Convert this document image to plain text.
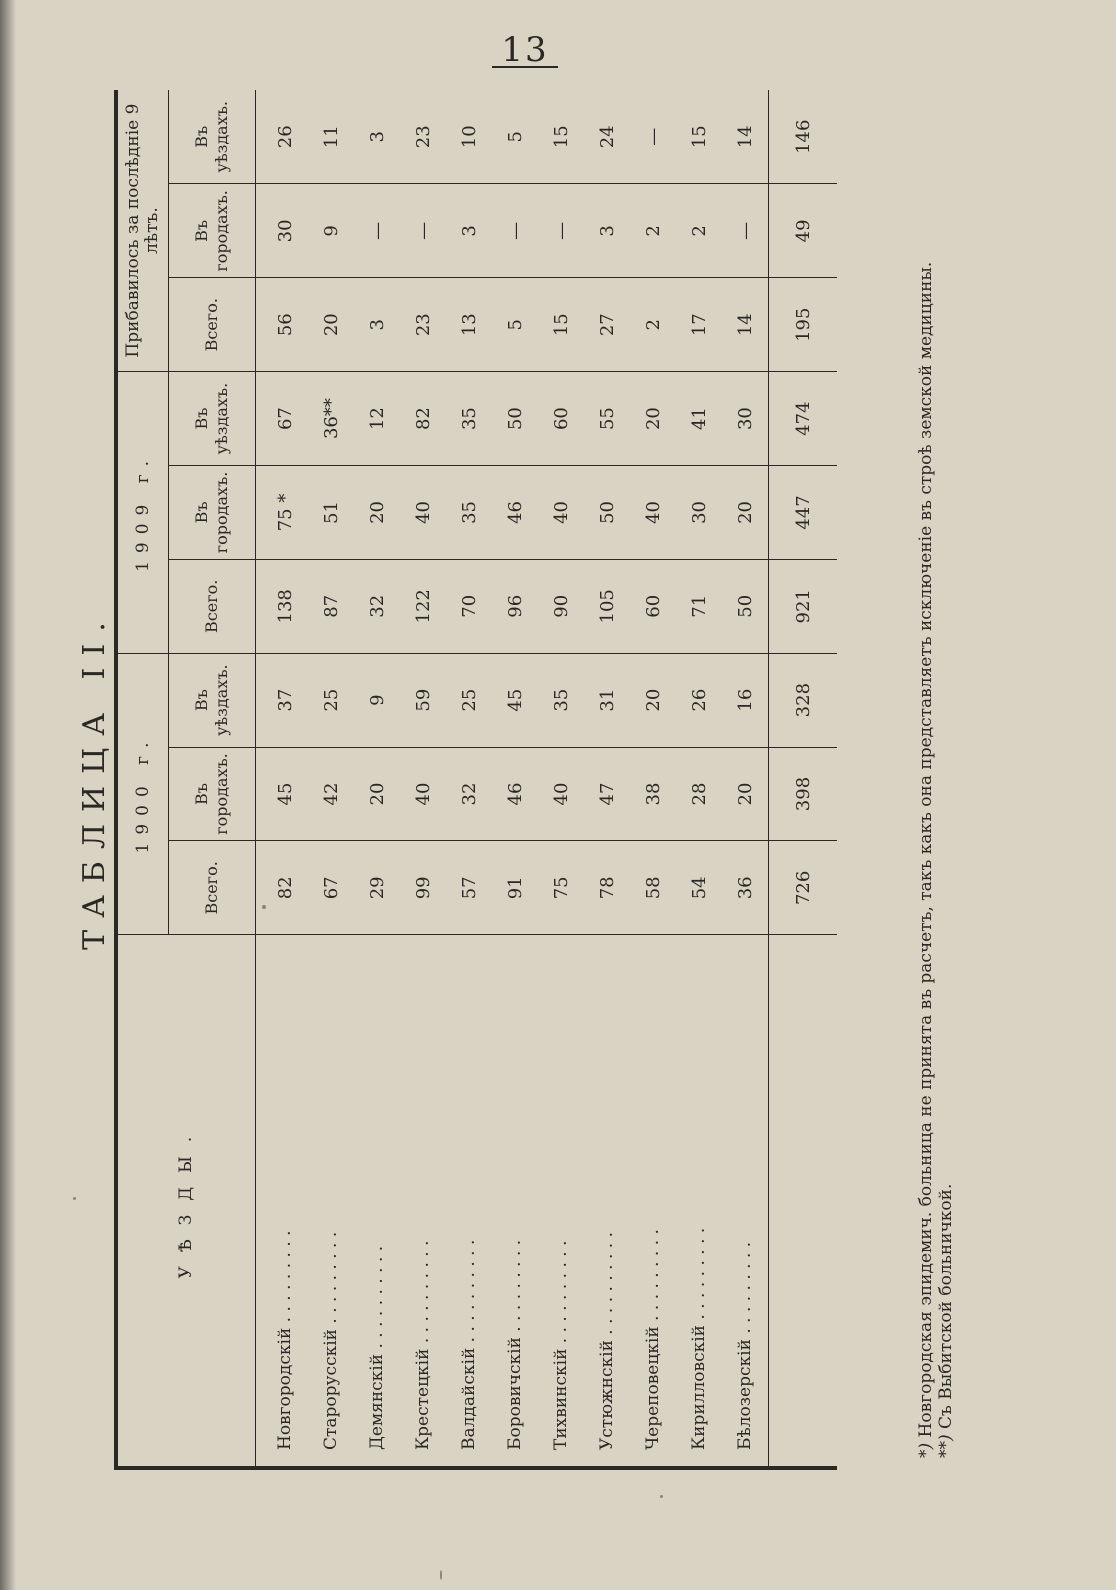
13
ТАБЛИЦА II.
УѢЗДЫ.	1900 г.			1909 г.			Прибавилось за послѣдніе 9 лѣтъ.		
	Всего.	Въ городахъ.	Въ уѣздахъ.	Всего.	Въ городахъ.	Въ уѣздахъ.	Всего.	Въ городахъ.	Въ уѣздахъ.
Новгородскій . . . . . . . . .	82	45	37	138	75 *	67	56	30	26
Старорусскій . . . . . . . . .	67	42	25	87	51	36**	20	9	11
Демянскій . . . . . . . . . .	29	20	9	32	20	12	3	—	3
Крестецкій . . . . . . . . . .	99	40	59	122	40	82	23	—	23
Валдайскій . . . . . . . . . .	57	32	25	70	35	35	13	3	10
Боровичскій . . . . . . . . .	91	46	45	96	46	50	5	—	5
Тихвинскій . . . . . . . . . .	75	40	35	90	40	60	15	—	15
Устюжнскій . . . . . . . . . .	78	47	31	105	50	55	27	3	24
Череповецкій . . . . . . . . .	58	38	20	60	40	20	2	2	—
Кирилловскій . . . . . . . . .	54	28	26	71	30	41	17	2	15
Бѣлозерскій . . . . . . . . .	36	20	16	50	20	30	14	—	14
	726	398	328	921	447	474	195	49	146
*) Новгородская эпидемич. больница не принята въ расчетъ, такъ какъ она представляетъ исключеніе въ строѣ земской медицины.
**) Съ Выбитской больничкой.
